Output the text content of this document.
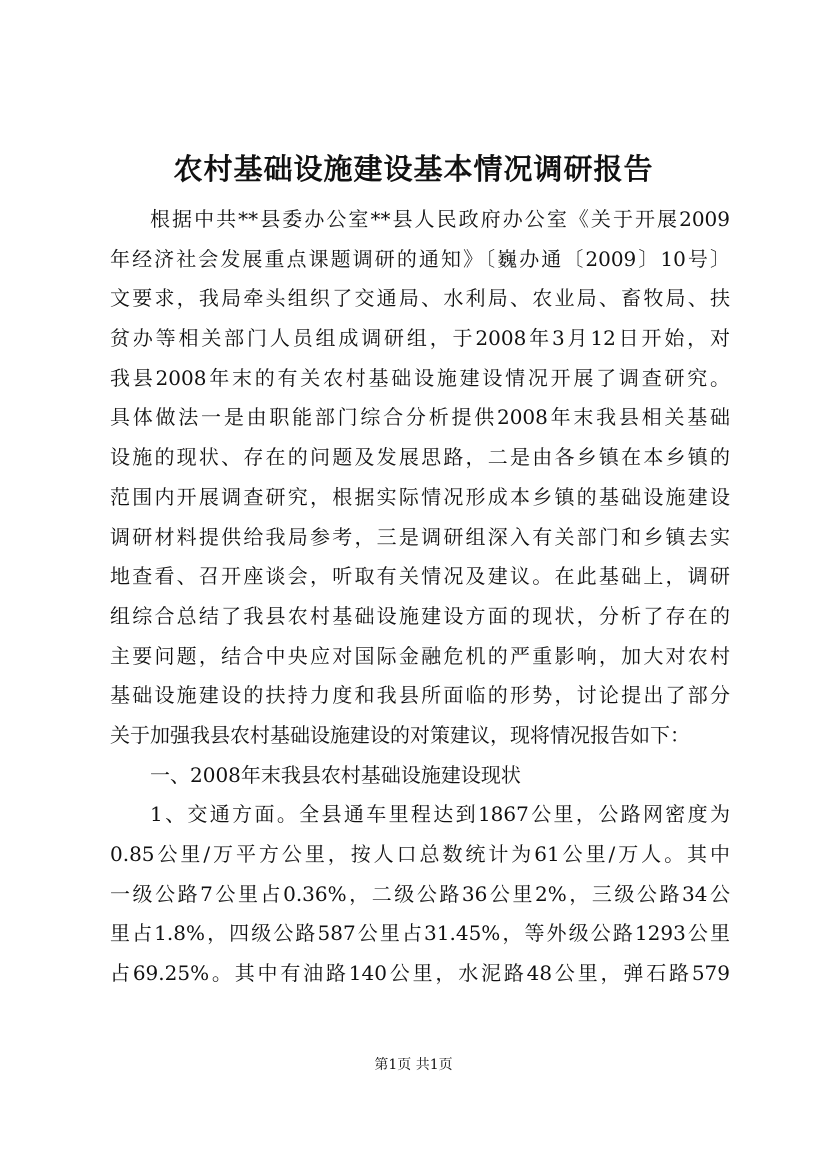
农村基础设施建设基本情况调研报告
根据中共**县委办公室**县人民政府办公室《关于开展2009
年经济社会发展重点课题调研的通知》〔巍办通〔2009〕10号〕
文要求，我局牵头组织了交通局、水利局、农业局、畜牧局、扶
贫办等相关部门人员组成调研组，于2008年3月12日开始，对
我县2008年末的有关农村基础设施建设情况开展了调查研究。
具体做法一是由职能部门综合分析提供2008年末我县相关基础
设施的现状、存在的问题及发展思路，二是由各乡镇在本乡镇的
范围内开展调查研究，根据实际情况形成本乡镇的基础设施建设
调研材料提供给我局参考，三是调研组深入有关部门和乡镇去实
地查看、召开座谈会，听取有关情况及建议。在此基础上，调研
组综合总结了我县农村基础设施建设方面的现状，分析了存在的
主要问题，结合中央应对国际金融危机的严重影响，加大对农村
基础设施建设的扶持力度和我县所面临的形势，讨论提出了部分
关于加强我县农村基础设施建设的对策建议，现将情况报告如下：
一、2008年末我县农村基础设施建设现状
1、交通方面。全县通车里程达到1867公里，公路网密度为
0.85公里/万平方公里，按人口总数统计为61公里/万人。其中
一级公路7公里占0.36%，二级公路36公里2%，三级公路34公
里占1.8%，四级公路587公里占31.45%，等外级公路1293公里
占69.25%。其中有油路140公里，水泥路48公里，弹石路579
第1页 共1页
